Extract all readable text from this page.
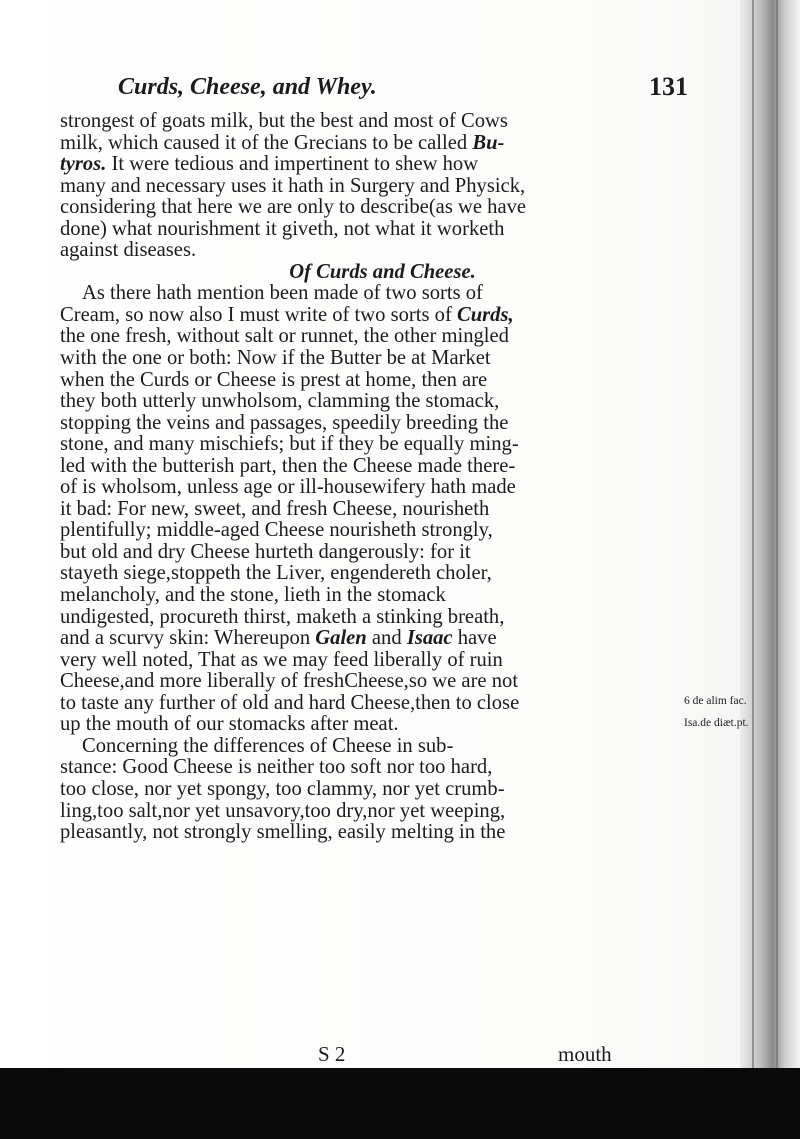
Curds, Cheese, and Whey.	131
strongest of goats milk, but the best and most of Cows
milk, which caused it of the Grecians to be called Bu-
tyros. It were tedious and impertinent to shew how
many and necessary uses it hath in Surgery and Physick,
considering that here we are only to describe(as we have
done) what nourishment it giveth, not what it worketh
against diseases.
Of Curds and Cheese.
As there hath mention been made of two sorts of
Cream, so now also I must write of two sorts of Curds,
the one fresh, without salt or runnet, the other mingled
with the one or both: Now if the Butter be at Market
when the Curds or Cheese is prest at home, then are
they both utterly unwholsom, clamming the stomack,
stopping the veins and passages, speedily breeding the
stone, and many mischiefs; but if they be equally ming-
led with the butterish part, then the Cheese made there-
of is wholsom, unless age or ill-housewifery hath made
it bad: For new, sweet, and fresh Cheese, nourisheth
plentifully; middle-aged Cheese nourisheth strongly,
but old and dry Cheese hurteth dangerously: for it
stayeth siege,stoppeth the Liver, engendereth choler,
melancholy, and the stone, lieth in the stomack
undigested, procureth thirst, maketh a stinking breath,
and a scurvy skin: Whereupon Galen and Isaac have
very well noted, That as we may feed liberally of ruin
Cheese,and more liberally of freshCheese,so we are not
to taste any further of old and hard Cheese,then to close
up the mouth of our stomacks after meat.
Concerning the differences of Cheese in sub-
stance: Good Cheese is neither too soft nor too hard,
too close, nor yet spongy, too clammy, nor yet crumb-
ling,too salt,nor yet unsavory,too dry,nor yet weeping,
pleasantly, not strongly smelling, easily melting in the
6 de alim fac.
Isa.de diæt.pt.
S 2	mouth
